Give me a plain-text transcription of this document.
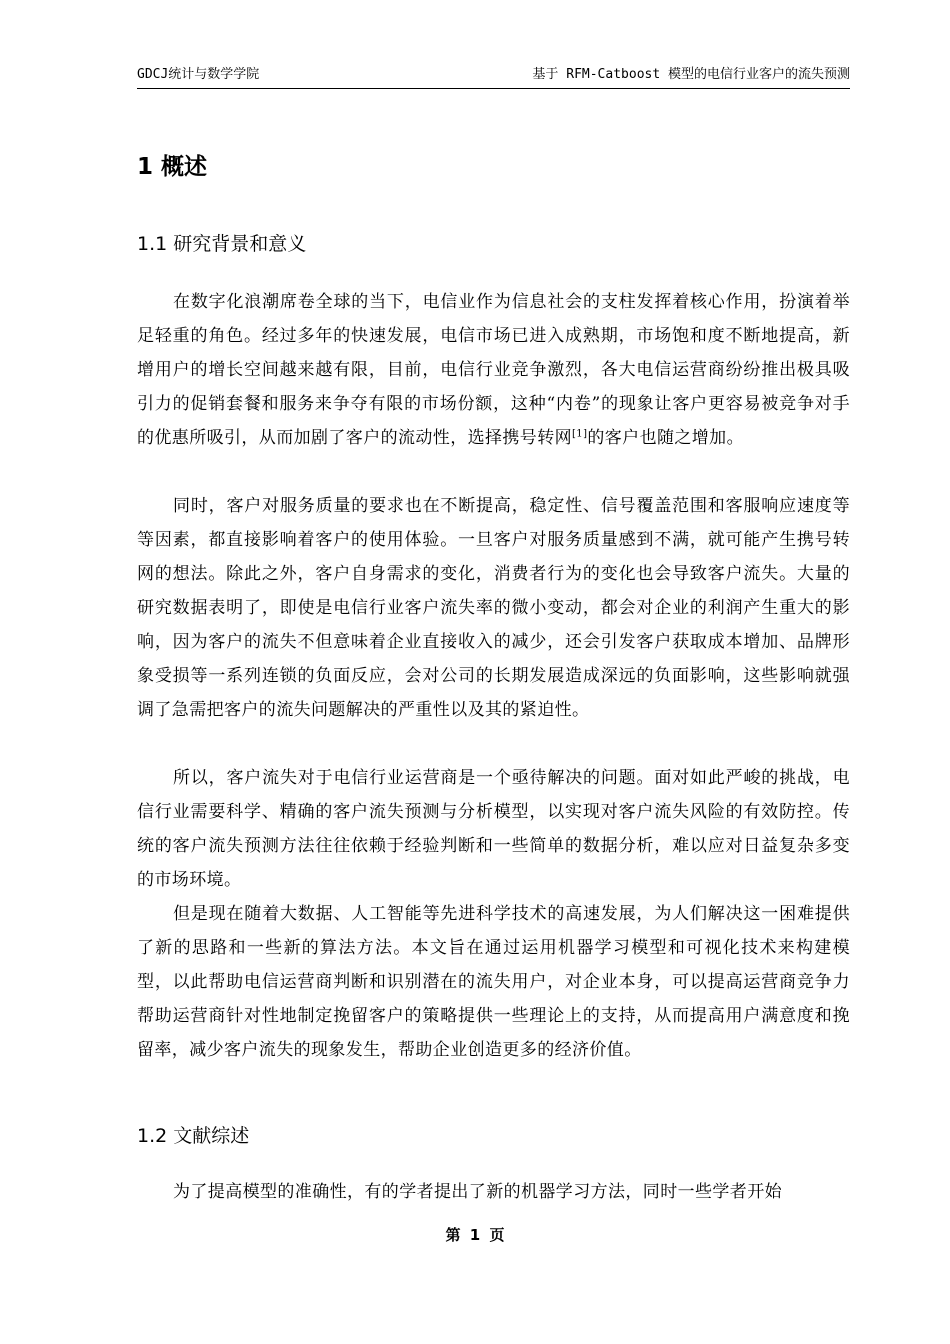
GDCJ统计与数学学院	基于 RFM-Catboost 模型的电信行业客户的流失预测
1 概述
1.1 研究背景和意义

在数字化浪潮席卷全球的当下，电信业作为信息社会的支柱发挥着核心作用，扮演着举足轻重的角色。经过多年的快速发展，电信市场已进入成熟期，市场饱和度不断地提高，新增用户的增长空间越来越有限，目前，电信行业竞争激烈，各大电信运营商纷纷推出极具吸引力的促销套餐和服务来争夺有限的市场份额，这种“内卷”的现象让客户更容易被竞争对手的优惠所吸引，从而加剧了客户的流动性，选择携号转网[1]的客户也随之增加。

同时，客户对服务质量的要求也在不断提高，稳定性、信号覆盖范围和客服响应速度等等因素，都直接影响着客户的使用体验。一旦客户对服务质量感到不满，就可能产生携号转网的想法。除此之外，客户自身需求的变化，消费者行为的变化也会导致客户流失。大量的研究数据表明了，即使是电信行业客户流失率的微小变动，都会对企业的利润产生重大的影响，因为客户的流失不但意味着企业直接收入的减少，还会引发客户获取成本增加、品牌形象受损等一系列连锁的负面反应，会对公司的长期发展造成深远的负面影响，这些影响就强调了急需把客户的流失问题解决的严重性以及其的紧迫性。

所以，客户流失对于电信行业运营商是一个亟待解决的问题。面对如此严峻的挑战，电信行业需要科学、精确的客户流失预测与分析模型，以实现对客户流失风险的有效防控。传统的客户流失预测方法往往依赖于经验判断和一些简单的数据分析，难以应对日益复杂多变的市场环境。

但是现在随着大数据、人工智能等先进科学技术的高速发展，为人们解决这一困难提供了新的思路和一些新的算法方法。本文旨在通过运用机器学习模型和可视化技术来构建模型，以此帮助电信运营商判断和识别潜在的流失用户，对企业本身，可以提高运营商竞争力帮助运营商针对性地制定挽留客户的策略提供一些理论上的支持，从而提高用户满意度和挽留率，减少客户流失的现象发生，帮助企业创造更多的经济价值。

1.2 文献综述

为了提高模型的准确性，有的学者提出了新的机器学习方法，同时一些学者开始

第 1 页
